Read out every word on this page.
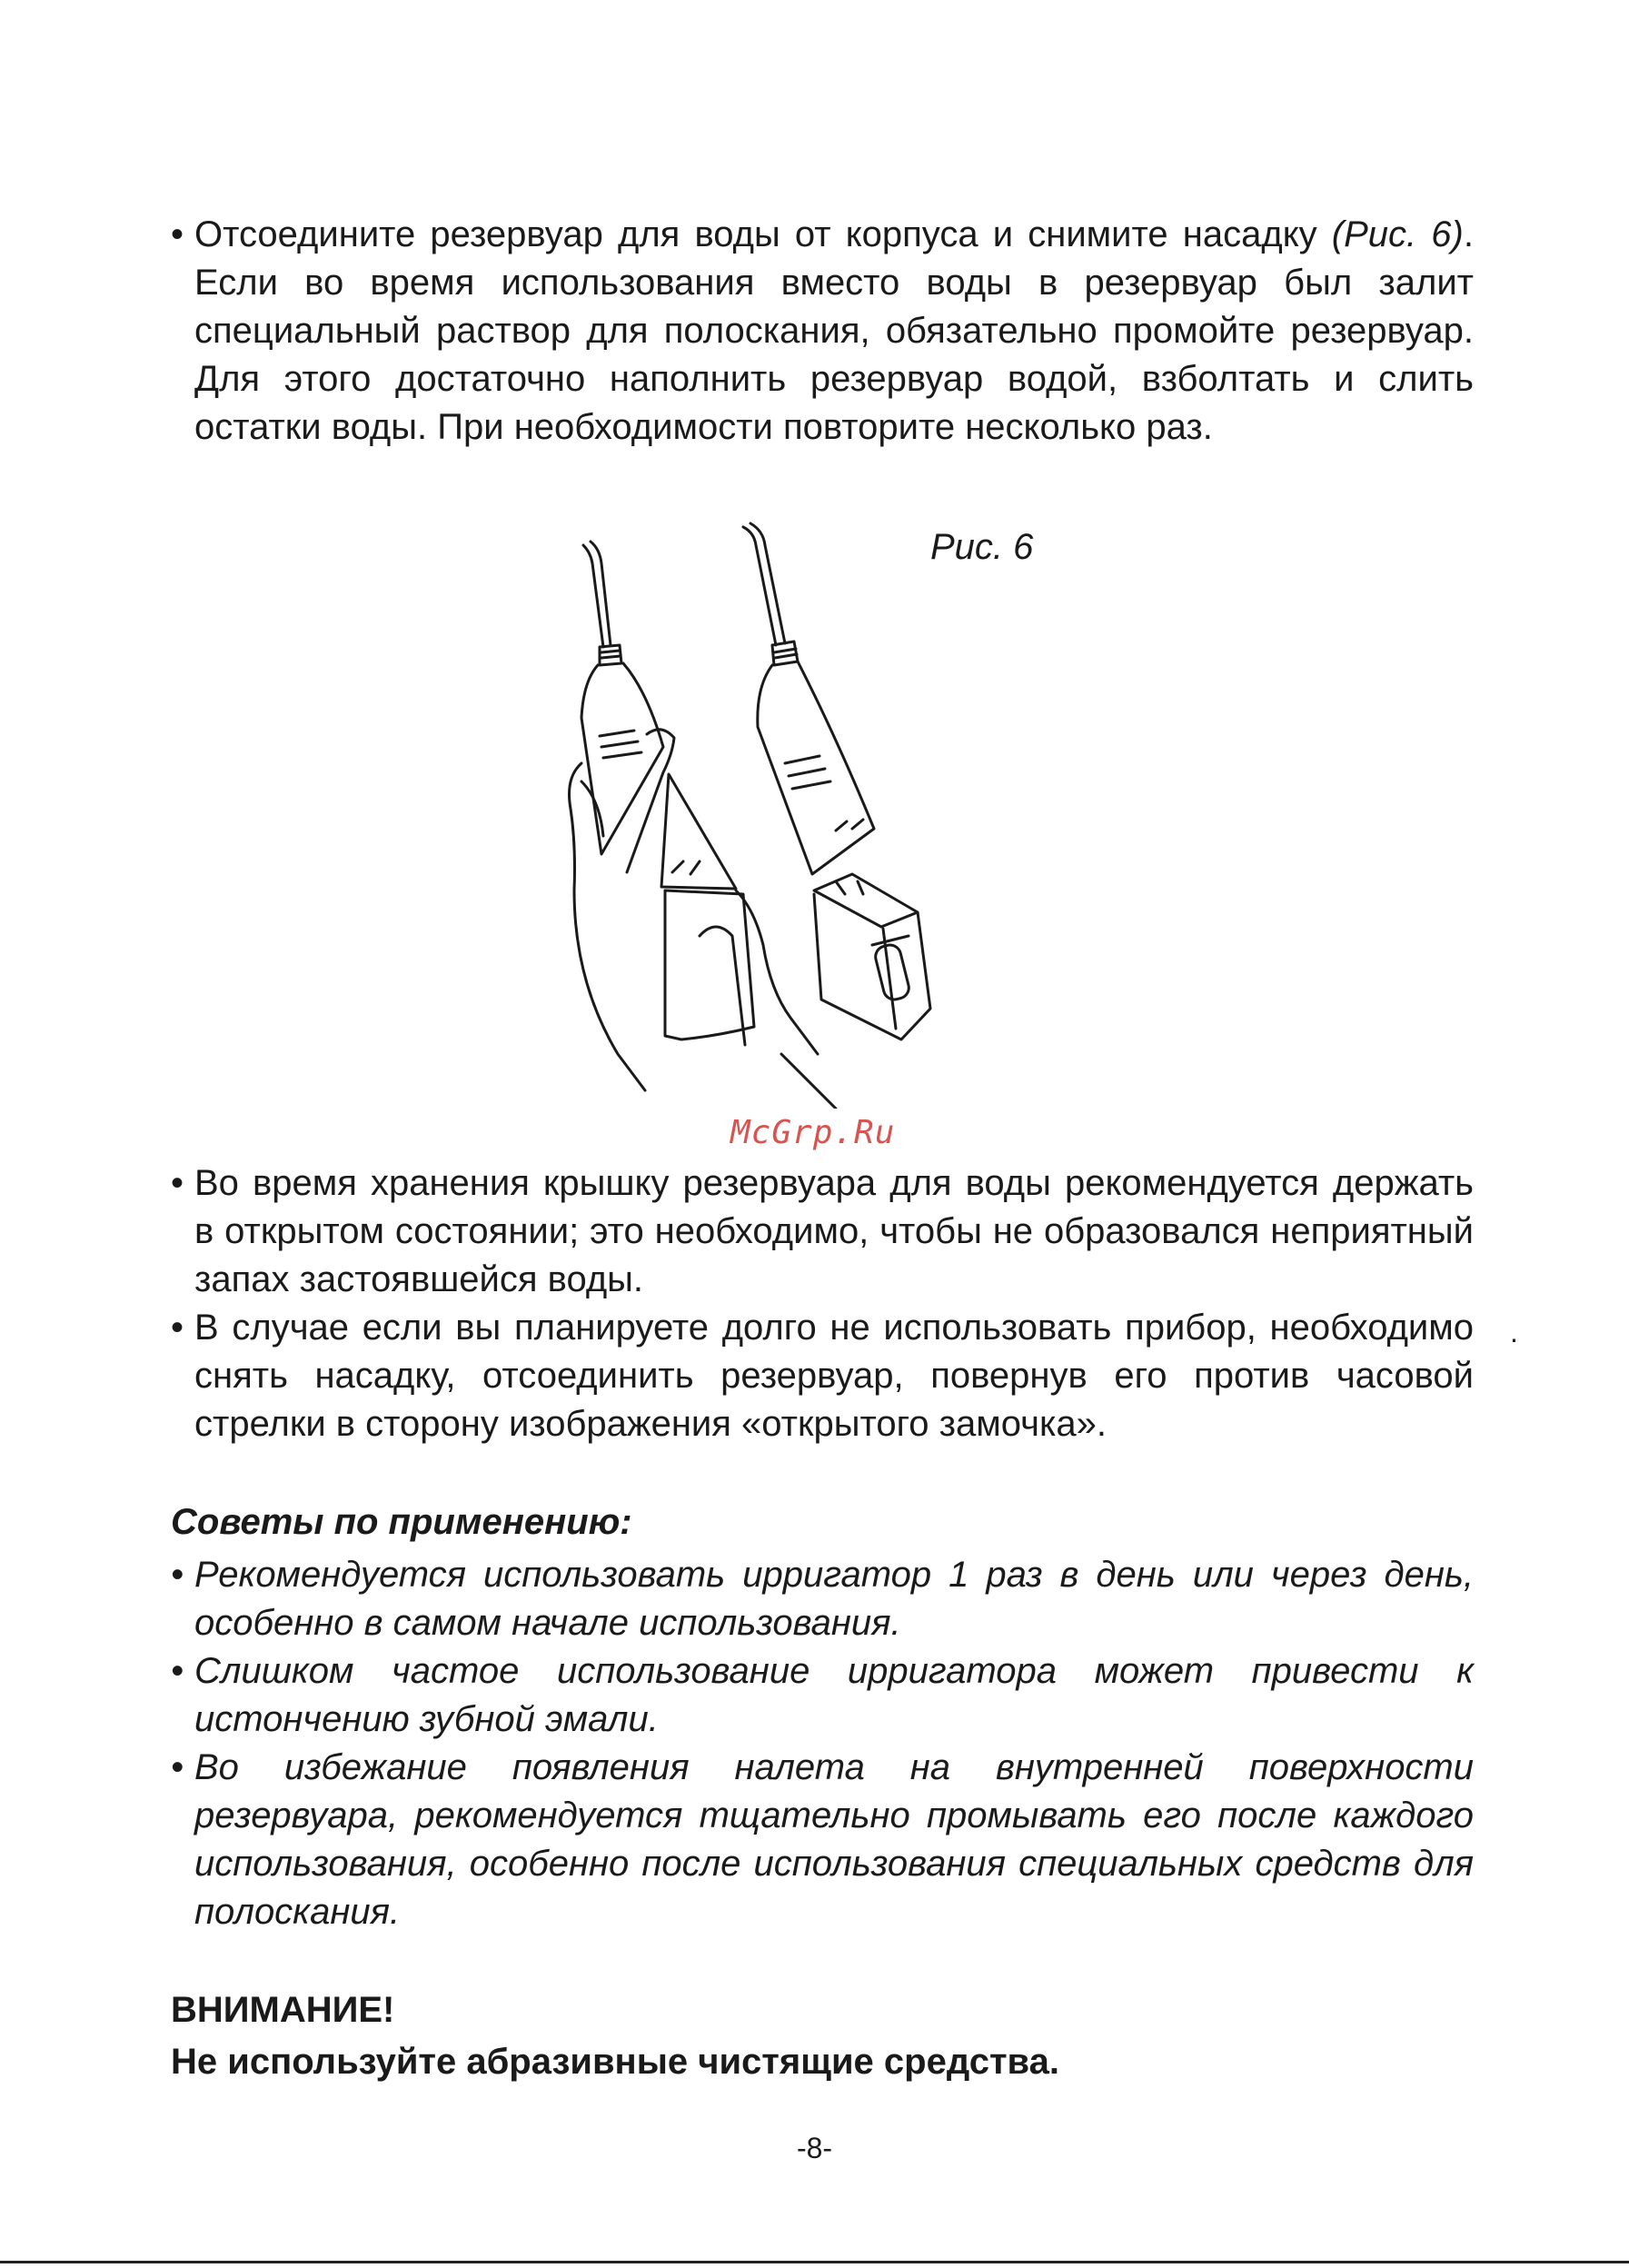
• Отсоедините резервуар для воды от корпуса и снимите насадку (Рис. 6). Если во время использования вместо воды в резервуар был залит специальный раствор для полоскания, обязательно промойте резервуар. Для этого достаточно наполнить резервуар водой, взболтать и слить остатки воды. При необходимости повторите несколько раз.
Рис. 6
McGrp.Ru
• Во время хранения крышку резервуара для воды рекомендуется держать в открытом состоянии; это необходимо, чтобы не образовался неприятный запах застоявшейся воды.
• В случае если вы планируете долго не использовать прибор, необходимо снять насадку, отсоединить резервуар, повернув его против часовой стрелки в сторону изображения «открытого замочка».
.
Советы по применению:
• Рекомендуется использовать ирригатор 1 раз в день или через день, особенно в самом начале использования.
• Слишком частое использование ирригатора может привести к истончению зубной эмали.
• Во избежание появления налета на внутренней поверхности резервуара, рекомендуется тщательно промывать его после каждого использования, особенно после использования специальных средств для полоскания.
ВНИМАНИЕ!
Не используйте абразивные чистящие средства.
-8-
